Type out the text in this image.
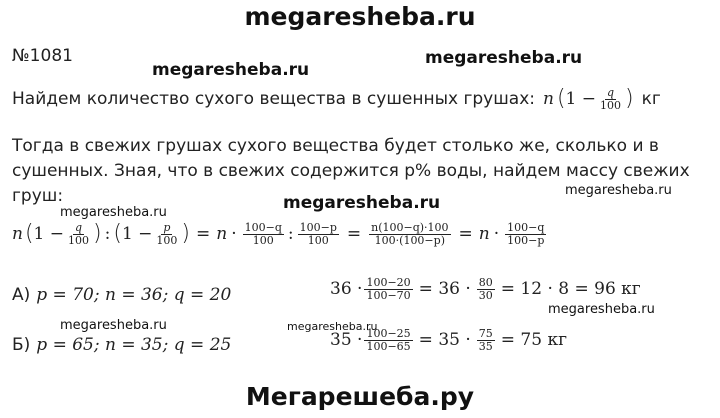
megaresheba.ru
megaresheba.ru
megaresheba.ru
megaresheba.ru
megaresheba.ru
megaresheba.ru
megaresheba.ru
megaresheba.ru	megaresheba.ru
Мегарешеба.ру
№1081
Найдем количество сухого вещества в сушенных грушах: n ( $1 - \frac{q}{100}$ ) кг
Тогда в свежих грушах сухого вещества будет столько же, сколько и в
сушенных. Зная, что в свежих содержится р% воды, найдем массу свежих
груш:
n ( $1 - \frac{q}{100}$ ) : ( $1 - \frac{p}{100}$ ) = $n \cdot \frac{100-q}{100}$ : $\frac{100-p}{100} = \frac{n(100-q)\cdot 100}{100\cdot(100-p)} = n \cdot \frac{100-q}{100-p}$
А) p = 70; n = 36; q = 20	$36 \cdot \frac{100-20}{100-70} = 36 \cdot \frac{80}{30} = 12 \cdot 8 = 96$ кг
Б) p = 65; n = 35; q = 25	$35 \cdot \frac{100-25}{100-65} = 35 \cdot \frac{75}{35} = 75$ кг
